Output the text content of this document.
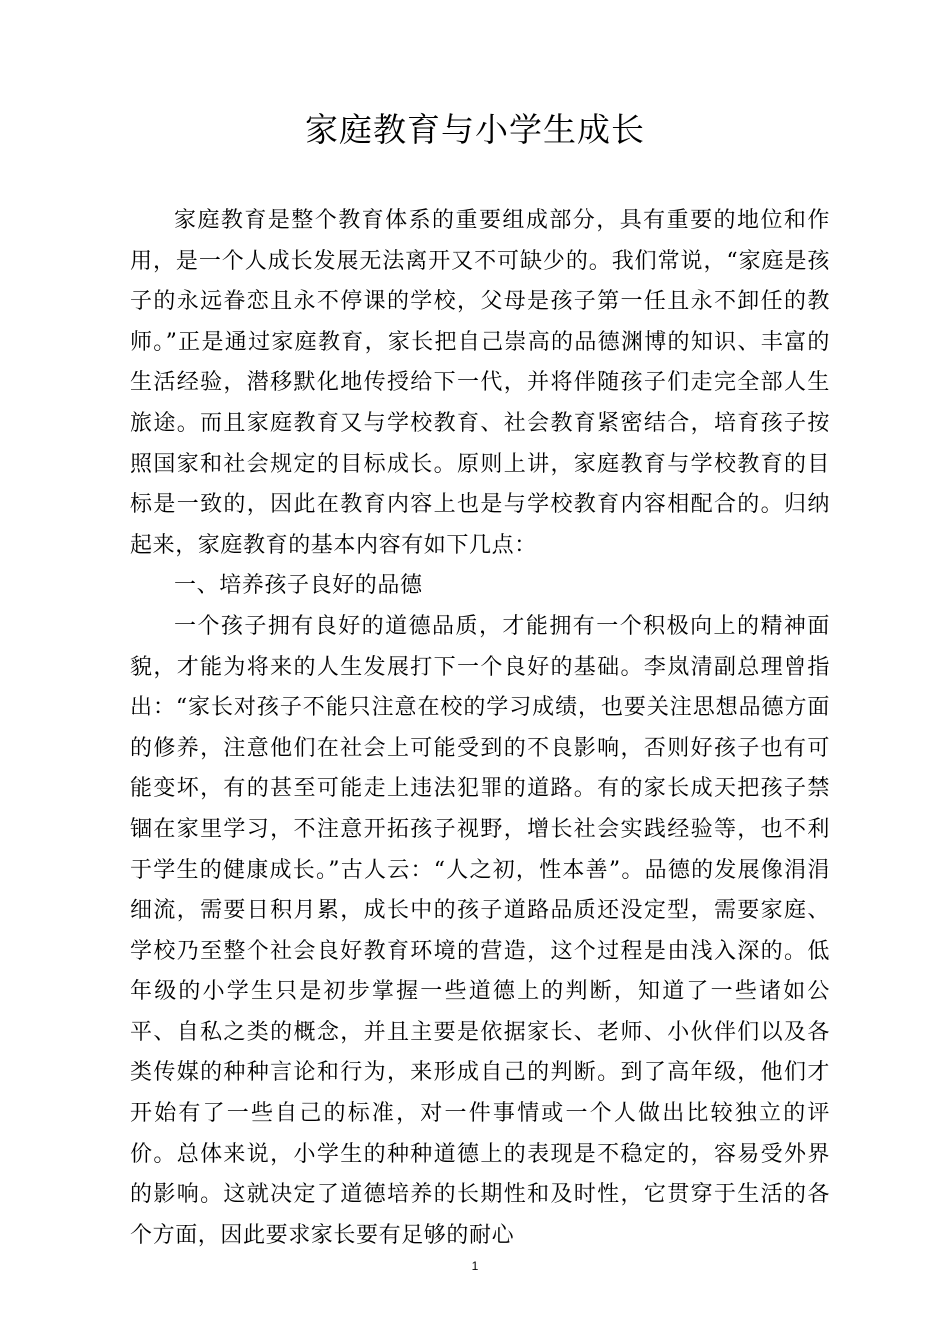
家庭教育与小学生成长

家庭教育是整个教育体系的重要组成部分，具有重要的地位和作用，是一个人成长发展无法离开又不可缺少的。我们常说，“家庭是孩子的永远眷恋且永不停课的学校，父母是孩子第一任且永不卸任的教师。”正是通过家庭教育，家长把自己崇高的品德渊博的知识、丰富的生活经验，潜移默化地传授给下一代，并将伴随孩子们走完全部人生旅途。而且家庭教育又与学校教育、社会教育紧密结合，培育孩子按照国家和社会规定的目标成长。原则上讲，家庭教育与学校教育的目标是一致的，因此在教育内容上也是与学校教育内容相配合的。归纳起来，家庭教育的基本内容有如下几点：

一、培养孩子良好的品德

一个孩子拥有良好的道德品质，才能拥有一个积极向上的精神面貌，才能为将来的人生发展打下一个良好的基础。李岚清副总理曾指出：“家长对孩子不能只注意在校的学习成绩，也要关注思想品德方面的修养，注意他们在社会上可能受到的不良影响，否则好孩子也有可能变坏，有的甚至可能走上违法犯罪的道路。有的家长成天把孩子禁锢在家里学习，不注意开拓孩子视野，增长社会实践经验等，也不利于学生的健康成长。”古人云：“人之初，性本善”。品德的发展像涓涓细流，需要日积月累，成长中的孩子道路品质还没定型，需要家庭、学校乃至整个社会良好教育环境的营造，这个过程是由浅入深的。低年级的小学生只是初步掌握一些道德上的判断，知道了一些诸如公平、自私之类的概念，并且主要是依据家长、老师、小伙伴们以及各类传媒的种种言论和行为，来形成自己的判断。到了高年级，他们才开始有了一些自己的标准，对一件事情或一个人做出比较独立的评价。总体来说，小学生的种种道德上的表现是不稳定的，容易受外界的影响。这就决定了道德培养的长期性和及时性，它贯穿于生活的各个方面，因此要求家长要有足够的耐心

1
